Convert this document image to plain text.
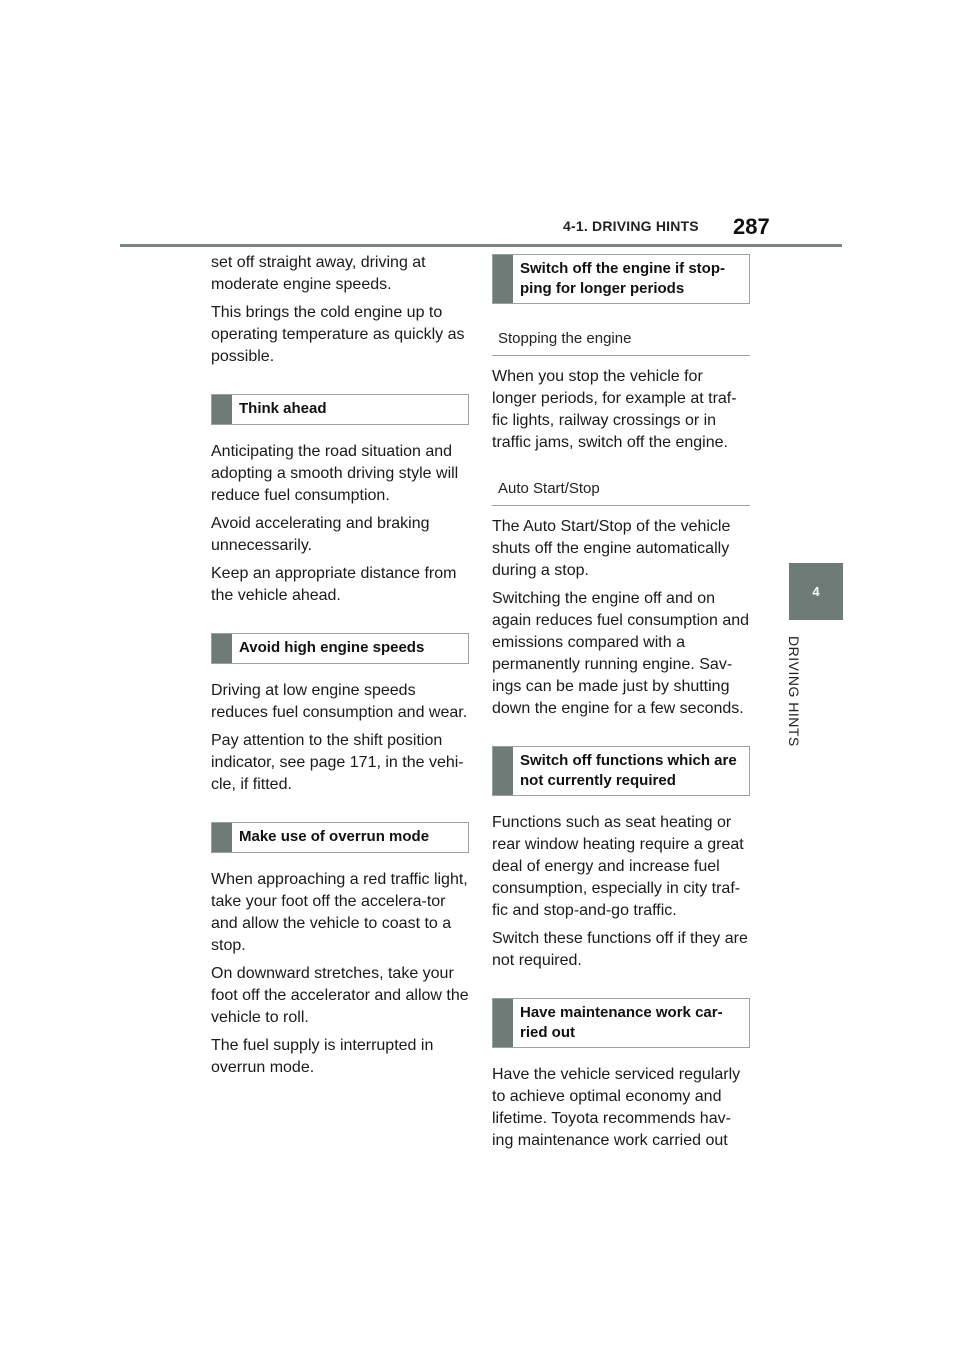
4-1. DRIVING HINTS 287
4
DRIVING HINTS

set off straight away, driving at moderate engine speeds.

This brings the cold engine up to operating temperature as quickly as possible.

Think ahead

Anticipating the road situation and adopting a smooth driving style will reduce fuel consumption.

Avoid accelerating and braking unnecessarily.

Keep an appropriate distance from the vehicle ahead.

Avoid high engine speeds

Driving at low engine speeds reduces fuel consumption and wear.

Pay attention to the shift position indicator, see page 171, in the vehi-cle, if fitted.

Make use of overrun mode

When approaching a red traffic light, take your foot off the accelera-tor and allow the vehicle to coast to a stop.

On downward stretches, take your foot off the accelerator and allow the vehicle to roll.

The fuel supply is interrupted in overrun mode.

Switch off the engine if stop-ping for longer periods
Stopping the engine

When you stop the vehicle for longer periods, for example at traf-fic lights, railway crossings or in traffic jams, switch off the engine.

Auto Start/Stop

The Auto Start/Stop of the vehicle shuts off the engine automatically during a stop.

Switching the engine off and on again reduces fuel consumption and emissions compared with a permanently running engine. Sav-ings can be made just by shutting down the engine for a few seconds.

Switch off functions which are not currently required

Functions such as seat heating or rear window heating require a great deal of energy and increase fuel consumption, especially in city traf-fic and stop-and-go traffic.

Switch these functions off if they are not required.

Have maintenance work car-ried out

Have the vehicle serviced regularly to achieve optimal economy and lifetime. Toyota recommends hav-ing maintenance work carried out
